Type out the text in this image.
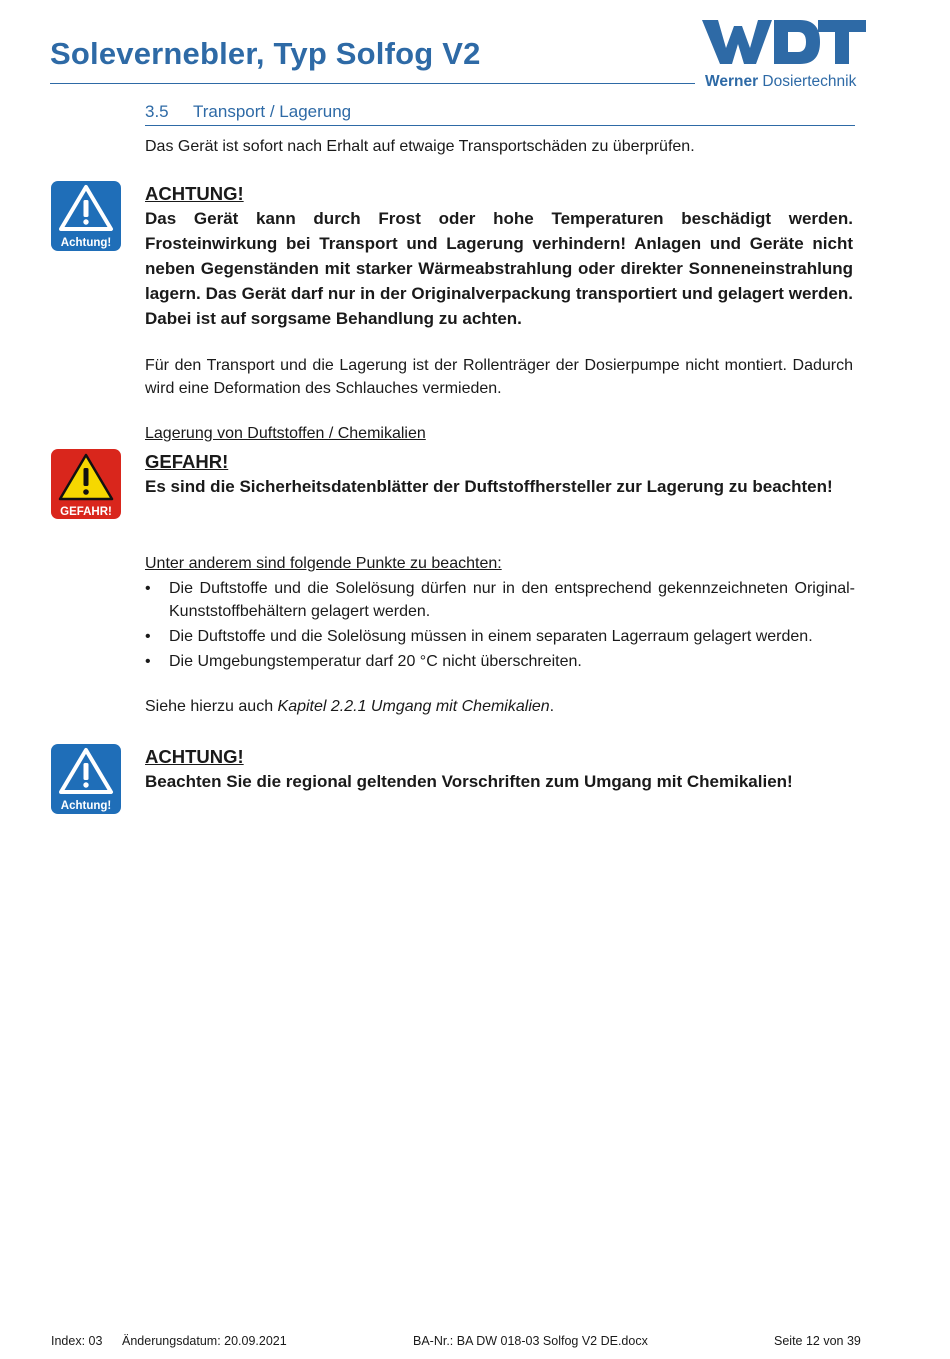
Solevernebler, Typ Solfog V2
Werner Dosiertechnik
3.5 Transport / Lagerung
Das Gerät ist sofort nach Erhalt auf etwaige Transportschäden zu überprüfen.
Achtung!
ACHTUNG!
Das Gerät kann durch Frost oder hohe Temperaturen beschädigt werden. Frosteinwirkung bei Transport und Lagerung verhindern! Anlagen und Geräte nicht neben Gegenständen mit starker Wärmeabstrahlung oder direkter Sonneneinstrahlung lagern. Das Gerät darf nur in der Originalverpackung transportiert und gelagert werden. Dabei ist auf sorgsame Behandlung zu achten.
Für den Transport und die Lagerung ist der Rollenträger der Dosierpumpe nicht montiert. Dadurch wird eine Deformation des Schlauches vermieden.
Lagerung von Duftstoffen / Chemikalien
GEFAHR!
GEFAHR!
Es sind die Sicherheitsdatenblätter der Duftstoffhersteller zur Lagerung zu beachten!
Unter anderem sind folgende Punkte zu beachten:
• Die Duftstoffe und die Solelösung dürfen nur in den entsprechend gekennzeichneten Original-Kunststoffbehältern gelagert werden.
• Die Duftstoffe und die Solelösung müssen in einem separaten Lagerraum gelagert werden.
• Die Umgebungstemperatur darf 20 °C nicht überschreiten.
Siehe hierzu auch Kapitel 2.2.1 Umgang mit Chemikalien.
Achtung!
ACHTUNG!
Beachten Sie die regional geltenden Vorschriften zum Umgang mit Chemikalien!
Index: 03 Änderungsdatum: 20.09.2021	BA-Nr.: BA DW 018-03 Solfog V2 DE.docx	Seite 12 von 39
